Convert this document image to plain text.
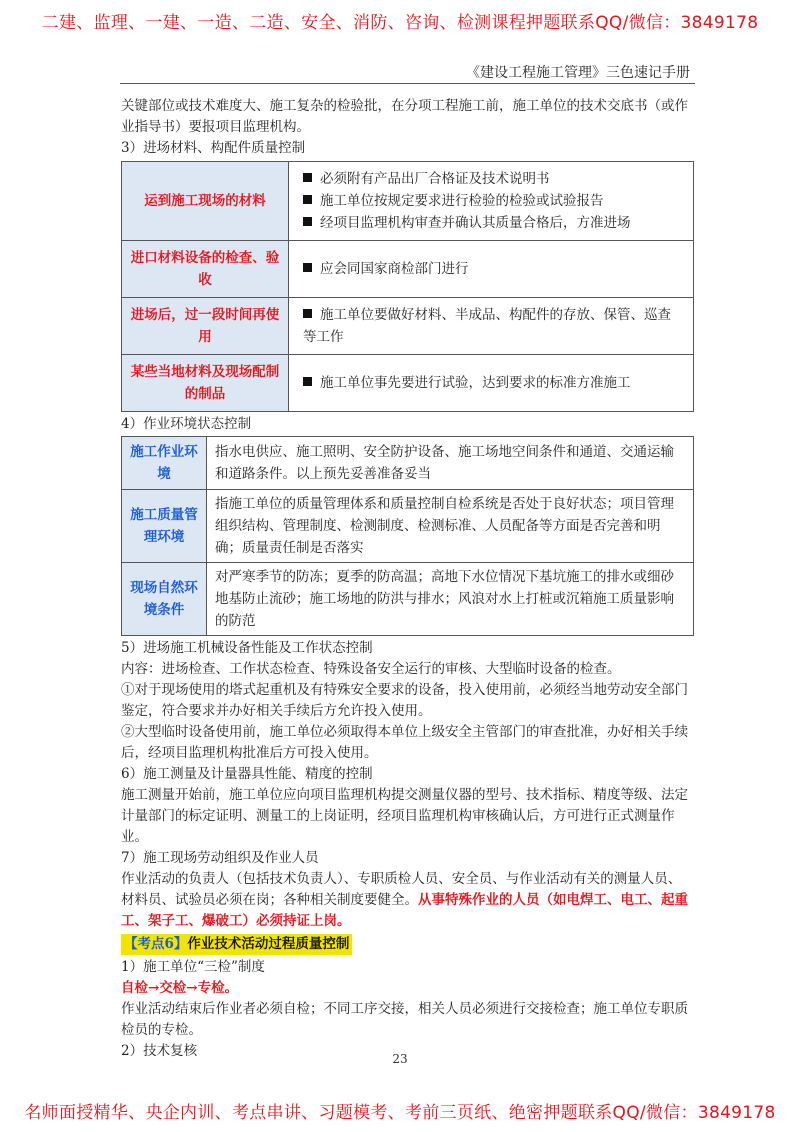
二建、监理、一建、一造、二造、安全、消防、咨询、检测课程押题联系QQ/微信：3849178
《建设工程施工管理》三色速记手册

关键部位或技术难度大、施工复杂的检验批，在分项工程施工前，施工单位的技术交底书（或作业指导书）要报项目监理机构。

3）进场材料、构配件质量控制

运到施工现场的材料	必须附有产品出厂合格证及技术说明书
施工单位按规定要求进行检验的检验或试验报告
经项目监理机构审查并确认其质量合格后，方准进场

进口材料设备的检查、验收	应会同国家商检部门进行

进场后，过一段时间再使用	施工单位要做好材料、半成品、构配件的存放、保管、巡查等工作

某些当地材料及现场配制的制品	施工单位事先要进行试验，达到要求的标准方准施工

4）作业环境状态控制

施工作业环境	指水电供应、施工照明、安全防护设备、施工场地空间条件和通道、交通运输和道路条件。以上预先妥善准备妥当
施工质量管理环境	指施工单位的质量管理体系和质量控制自检系统是否处于良好状态；项目管理组织结构、管理制度、检测制度、检测标准、人员配备等方面是否完善和明确；质量责任制是否落实
现场自然环境条件	对严寒季节的防冻；夏季的防高温；高地下水位情况下基坑施工的排水或细砂地基防止流砂；施工场地的防洪与排水；风浪对水上打桩或沉箱施工质量影响的防范

5）进场施工机械设备性能及工作状态控制

内容：进场检查、工作状态检查、特殊设备安全运行的审核、大型临时设备的检查。

①对于现场使用的塔式起重机及有特殊安全要求的设备，投入使用前，必须经当地劳动安全部门鉴定，符合要求并办好相关手续后方允许投入使用。

②大型临时设备使用前，施工单位必须取得本单位上级安全主管部门的审查批准，办好相关手续后，经项目监理机构批准后方可投入使用。

6）施工测量及计量器具性能、精度的控制

施工测量开始前，施工单位应向项目监理机构提交测量仪器的型号、技术指标、精度等级、法定计量部门的标定证明、测量工的上岗证明，经项目监理机构审核确认后，方可进行正式测量作业。

7）施工现场劳动组织及作业人员

作业活动的负责人（包括技术负责人）、专职质检人员、安全员、与作业活动有关的测量人员、材料员、试验员必须在岗；各种相关制度要健全。从事特殊作业的人员（如电焊工、电工、起重工、架子工、爆破工）必须持证上岗。

【考点6】作业技术活动过程质量控制

1）施工单位“三检”制度

自检→交检→专检。

作业活动结束后作业者必须自检；不同工序交接，相关人员必须进行交接检查；施工单位专职质检员的专检。

2）技术复核	23
名师面授精华、央企内训、考点串讲、习题模考、考前三页纸、绝密押题联系QQ/微信：3849178
